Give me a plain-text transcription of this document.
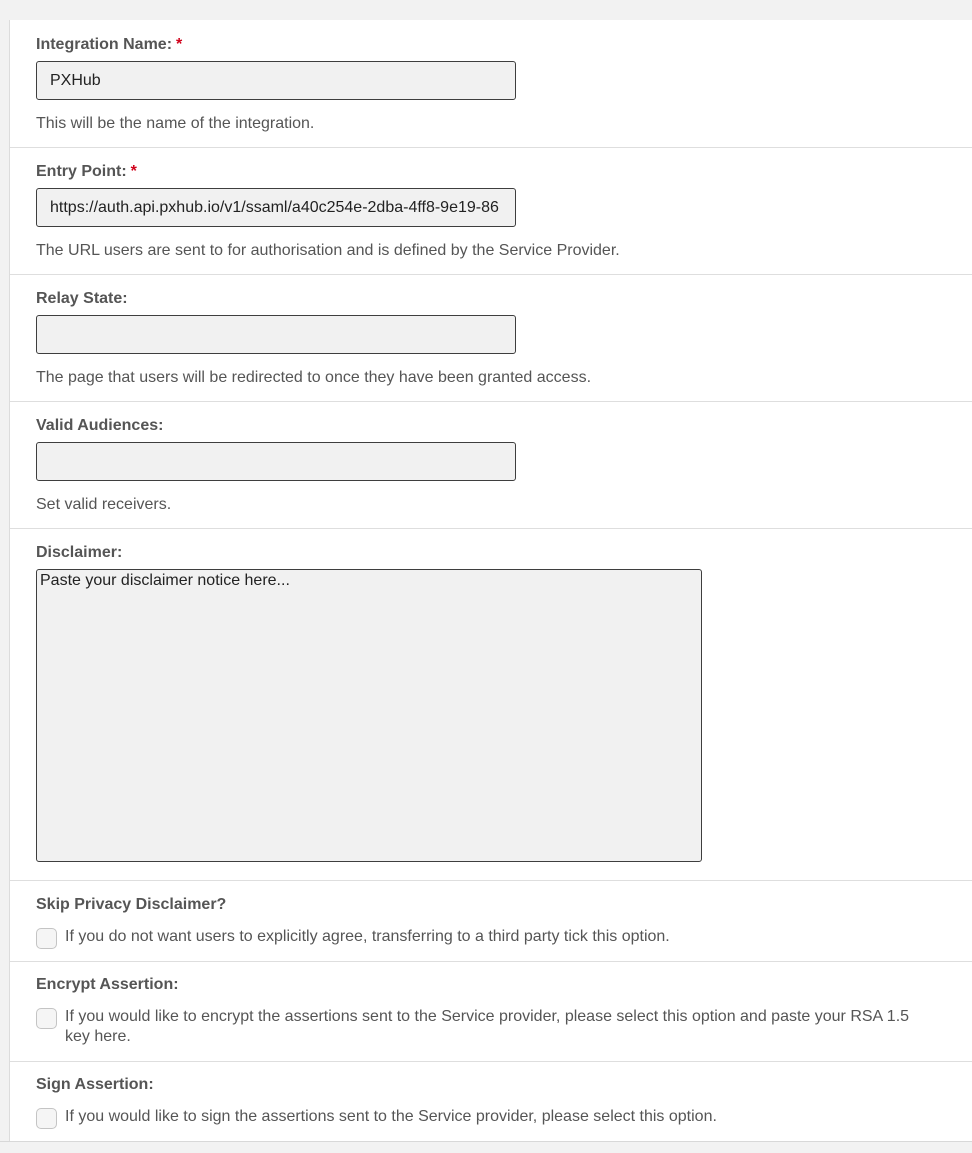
Integration Name: *
PXHub
This will be the name of the integration.
Entry Point: *
https://auth.api.pxhub.io/v1/ssaml/a40c254e-2dba-4ff8-9e19-86
The URL users are sent to for authorisation and is defined by the Service Provider.
Relay State:
The page that users will be redirected to once they have been granted access.
Valid Audiences:
Set valid receivers.
Disclaimer:
Paste your disclaimer notice here...
Skip Privacy Disclaimer?
If you do not want users to explicitly agree, transferring to a third party tick this option.
Encrypt Assertion:
If you would like to encrypt the assertions sent to the Service provider, please select this option and paste your RSA 1.5 key here.
Sign Assertion:
If you would like to sign the assertions sent to the Service provider, please select this option.
